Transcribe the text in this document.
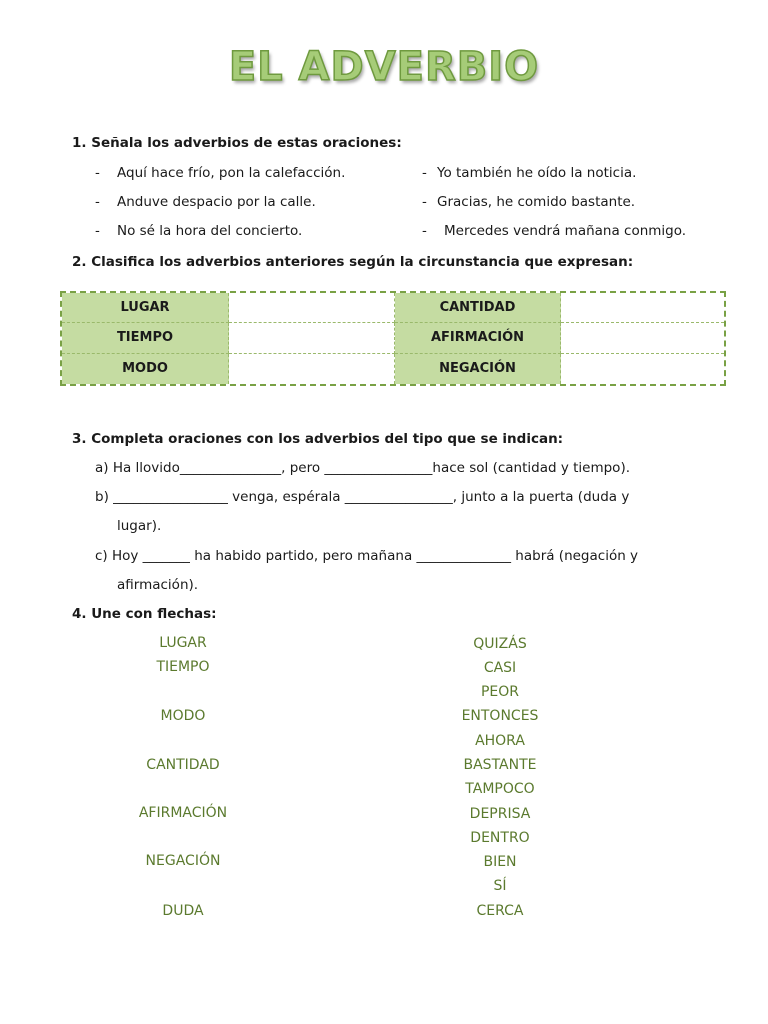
EL ADVERBIO
1. Señala los adverbios de estas oraciones:
- Aquí hace frío, pon la calefacción.
- Anduve despacio por la calle.
- No sé la hora del concierto.
- Yo también he oído la noticia.
- Gracias, he comido bastante.
- Mercedes vendrá mañana conmigo.
2. Clasifica los adverbios anteriores según la circunstancia que expresan:
LUGAR	CANTIDAD
TIEMPO	AFIRMACIÓN
MODO	NEGACIÓN
3. Completa oraciones con los adverbios del tipo que se indican:
a) Ha llovido_______________, pero ________________hace sol (cantidad y tiempo).
b) _________________ venga, espérala ________________, junto a la puerta (duda y
lugar).
c) Hoy _______ ha habido partido, pero mañana ______________ habrá (negación y
afirmación).
4. Une con flechas:
LUGAR
TIEMPO
MODO
CANTIDAD
AFIRMACIÓN
NEGACIÓN
DUDA
QUIZÁS
CASI
PEOR
ENTONCES
AHORA
BASTANTE
TAMPOCO
DEPRISA
DENTRO
BIEN
SÍ
CERCA
